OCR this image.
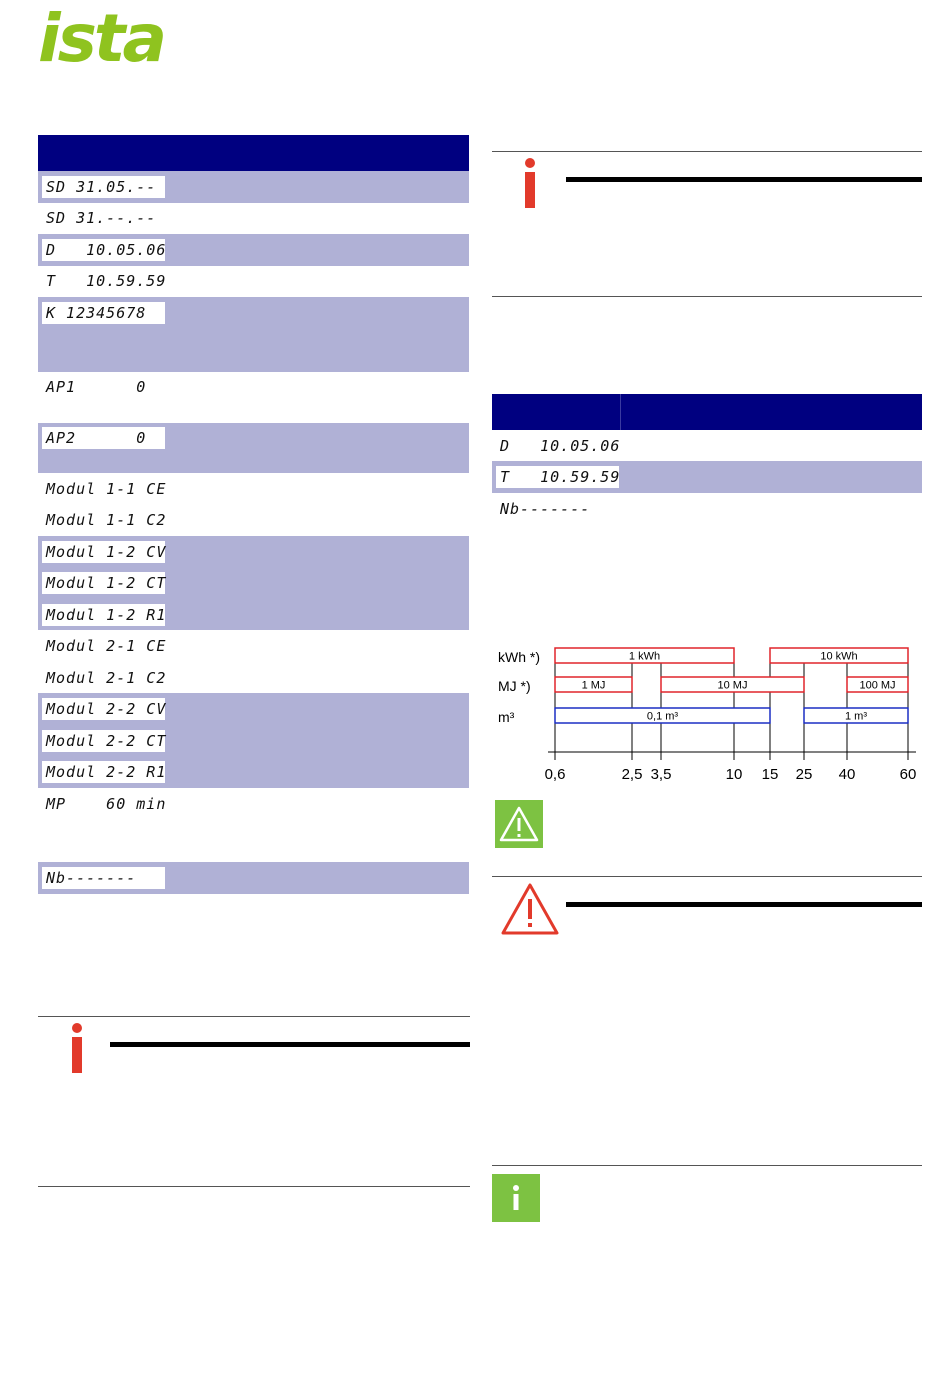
ista
SD 31.05.--
SD 31.--.--
D   10.05.06
T   10.59.59
K 12345678
AP1      0
AP2      0
Modul 1-1 CE
Modul 1-1 C2
Modul 1-2 CV
Modul 1-2 CT
Modul 1-2 R1
Modul 2-1 CE
Modul 2-1 C2
Modul 2-2 CV
Modul 2-2 CT
Modul 2-2 R1
MP    60 min
Nb-------
D   10.05.06
T   10.59.59
Nb-------
kWh *)
MJ *)
m³
0,6	2,5 3,5	10 15 25 40	60
1 kWh	10 kWh
1 MJ	10 MJ	100 MJ
0,1 m³	1 m³
